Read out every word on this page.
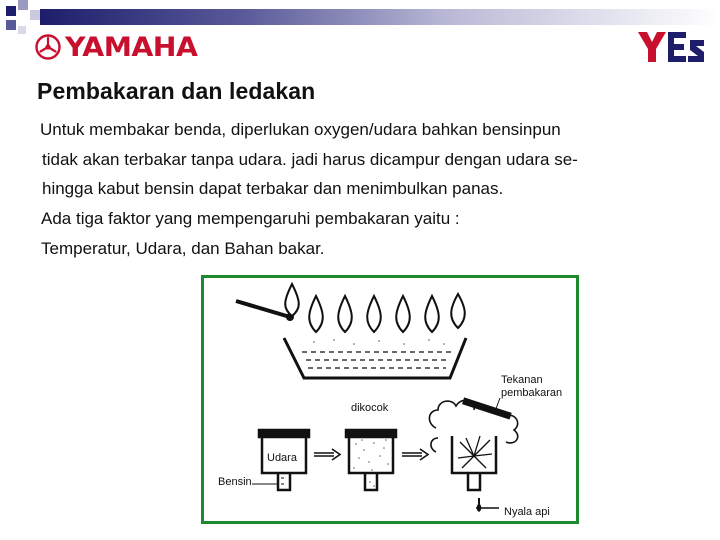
YAMAHA
Pembakaran dan ledakan
Untuk membakar benda, diperlukan oxygen/udara bahkan bensinpun
tidak akan terbakar tanpa udara. jadi harus dicampur dengan udara se-
hingga kabut bensin dapat terbakar dan menimbulkan panas.
Ada tiga faktor yang mempengaruhi pembakaran yaitu :
Temperatur, Udara, dan Bahan bakar.
dikocok
Udara
Bensin
Tekanan
pembakaran
Nyala api
